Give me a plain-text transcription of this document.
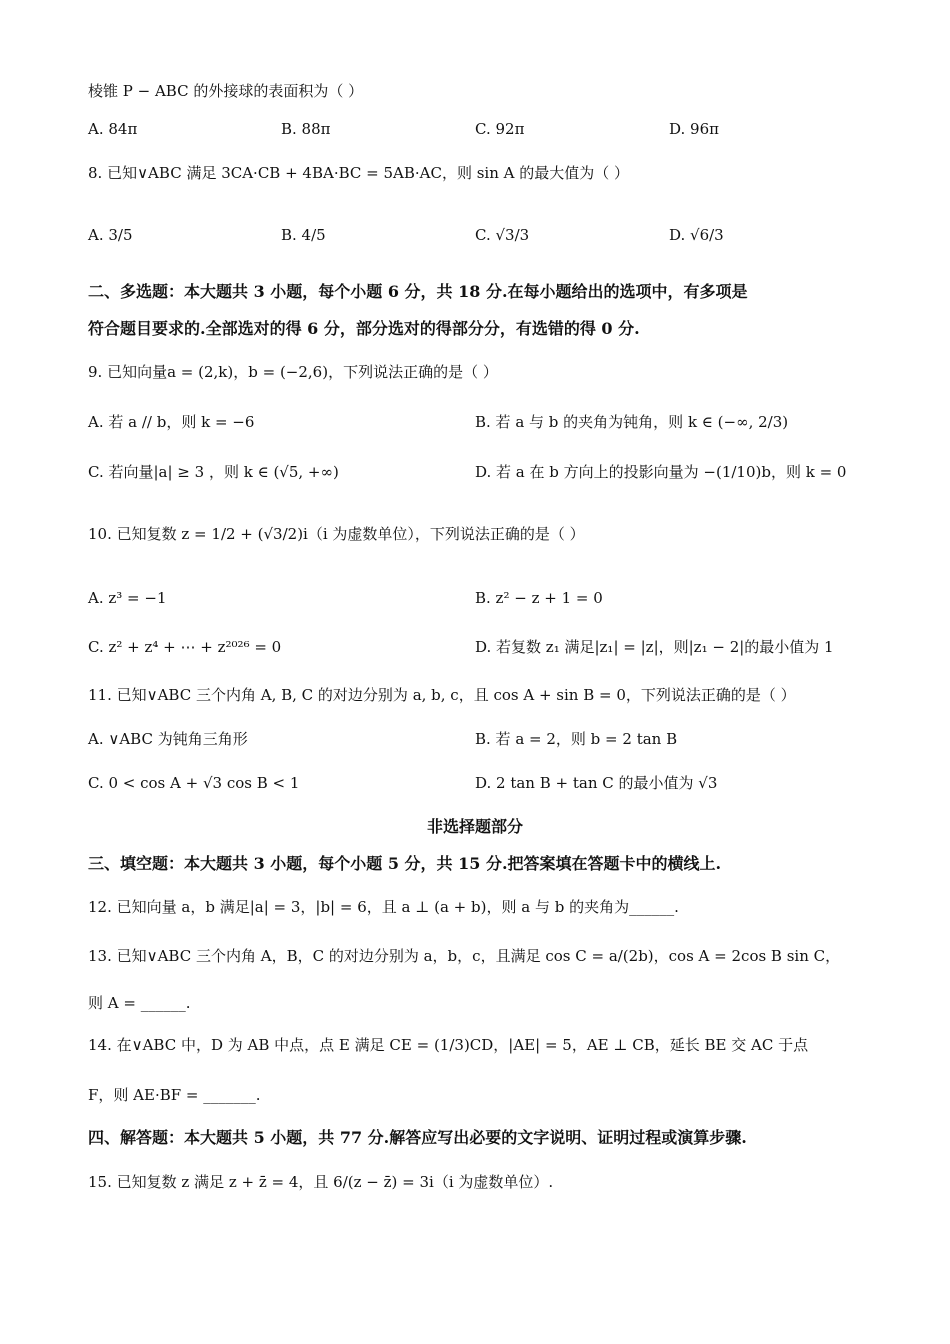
棱锥 P − ABC 的外接球的表面积为（ ）
A. 84π	B. 88π	C. 92π	D. 96π
8. 已知∨ABC 满足 3CA·CB + 4BA·BC = 5AB·AC，则 sin A 的最大值为（ ）
A. 3/5	B. 4/5	C. √3/3	D. √6/3
二、多选题：本大题共 3 小题，每个小题 6 分，共 18 分.在每小题给出的选项中，有多项是
符合题目要求的.全部选对的得 6 分，部分选对的得部分分，有选错的得 0 分.
9. 已知向量a = (2,k)，b = (−2,6)，下列说法正确的是（ ）
A. 若 a // b，则 k = −6	B. 若 a 与 b 的夹角为钝角，则 k ∈ (−∞, 2/3)
C. 若向量|a| ≥ 3 ，则 k ∈ (√5, +∞)	D. 若 a 在 b 方向上的投影向量为 −(1/10)b，则 k = 0
10. 已知复数 z = 1/2 + (√3/2)i（i 为虚数单位），下列说法正确的是（ ）
A. z³ = −1	B. z² − z + 1 = 0
C. z² + z⁴ + ⋯ + z²⁰²⁶ = 0	D. 若复数 z₁ 满足|z₁| = |z|，则|z₁ − 2|的最小值为 1
11. 已知∨ABC 三个内角 A, B, C 的对边分别为 a, b, c，且 cos A + sin B = 0，下列说法正确的是（ ）
A. ∨ABC 为钝角三角形	B. 若 a = 2，则 b = 2 tan B
C. 0 < cos A + √3 cos B < 1	D. 2 tan B + tan C 的最小值为 √3
非选择题部分
三、填空题：本大题共 3 小题，每个小题 5 分，共 15 分.把答案填在答题卡中的横线上.
12. 已知向量 a，b 满足|a| = 3，|b| = 6，且 a ⊥ (a + b)，则 a 与 b 的夹角为______.
13. 已知∨ABC 三个内角 A，B，C 的对边分别为 a，b，c，且满足 cos C = a/(2b)，cos A = 2cos B sin C，
则 A = ______.
14. 在∨ABC 中，D 为 AB 中点，点 E 满足 CE = (1/3)CD，|AE| = 5，AE ⊥ CB，延长 BE 交 AC 于点
F，则 AE·BF = _______.
四、解答题：本大题共 5 小题，共 77 分.解答应写出必要的文字说明、证明过程或演算步骤.
15. 已知复数 z 满足 z + z̄ = 4，且 6/(z − z̄) = 3i（i 为虚数单位）.
